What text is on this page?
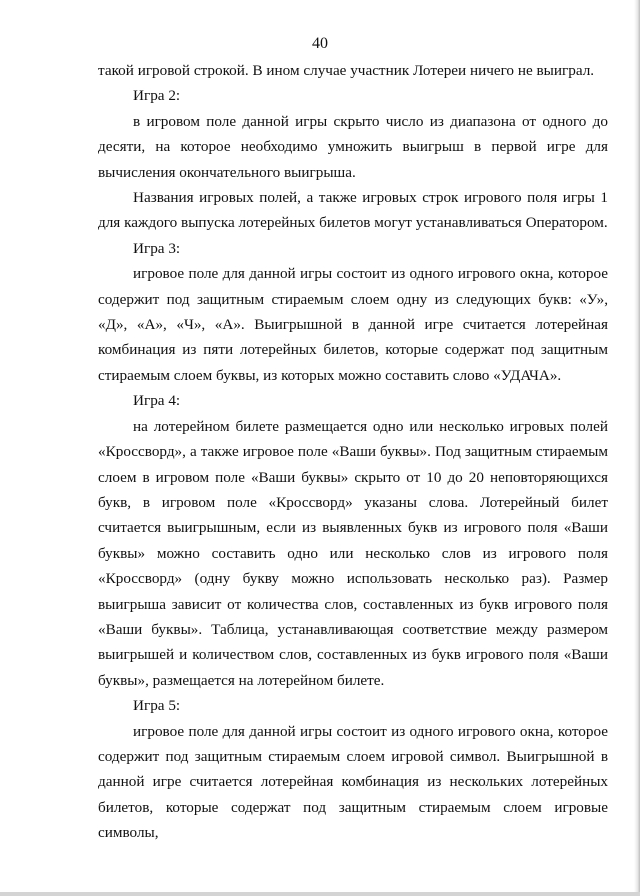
40

такой игровой строкой. В ином случае участник Лотереи ничего не выиграл.

Игра 2:

в игровом поле данной игры скрыто число из диапазона от одного до десяти, на которое необходимо умножить выигрыш в первой игре для вычисления окончательного выигрыша.

Названия игровых полей, а также игровых строк игрового поля игры 1 для каждого выпуска лотерейных билетов могут устанавливаться Оператором.

Игра 3:

игровое поле для данной игры состоит из одного игрового окна, которое содержит под защитным стираемым слоем одну из следующих букв: «У», «Д», «А», «Ч», «А». Выигрышной в данной игре считается лотерейная комбинация из пяти лотерейных билетов, которые содержат под защитным стираемым слоем буквы, из которых можно составить слово «УДАЧА».

Игра 4:

на лотерейном билете размещается одно или несколько игровых полей «Кроссворд», а также игровое поле «Ваши буквы». Под защитным стираемым слоем в игровом поле «Ваши буквы» скрыто от 10 до 20 неповторяющихся букв, в игровом поле «Кроссворд» указаны слова. Лотерейный билет считается выигрышным, если из выявленных букв из игрового поля «Ваши буквы» можно составить одно или несколько слов из игрового поля «Кроссворд» (одну букву можно использовать несколько раз). Размер выигрыша зависит от количества слов, составленных из букв игрового поля «Ваши буквы». Таблица, устанавливающая соответствие между размером выигрышей и количеством слов, составленных из букв игрового поля «Ваши буквы», размещается на лотерейном билете.

Игра 5:

игровое поле для данной игры состоит из одного игрового окна, которое содержит под защитным стираемым слоем игровой символ. Выигрышной в данной игре считается лотерейная комбинация из нескольких лотерейных билетов, которые содержат под защитным стираемым слоем игровые символы,
